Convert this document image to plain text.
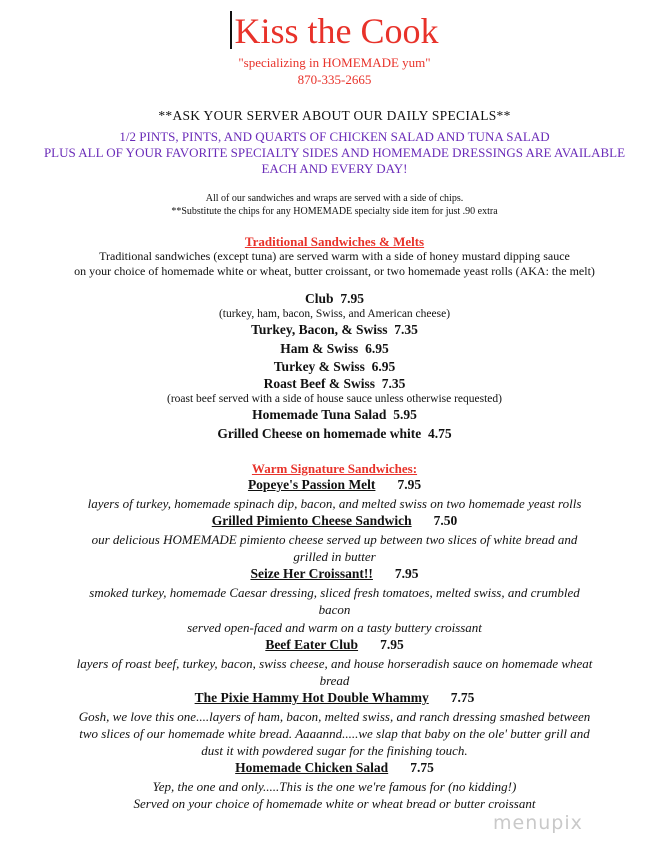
Kiss the Cook
"specializing in HOMEMADE yum"
870-335-2665
**ASK YOUR SERVER ABOUT OUR DAILY SPECIALS**
1/2 PINTS, PINTS, AND QUARTS OF CHICKEN SALAD AND TUNA SALAD
PLUS ALL OF YOUR FAVORITE SPECIALTY SIDES AND HOMEMADE DRESSINGS ARE AVAILABLE
EACH AND EVERY DAY!
All of our sandwiches and wraps are served with a side of chips.
**Substitute the chips for any HOMEMADE specialty side item for just .90 extra
Traditional Sandwiches & Melts
Traditional sandwiches (except tuna) are served warm with a side of honey mustard dipping sauce
on your choice of homemade white or wheat, butter croissant, or two homemade yeast rolls (AKA: the melt)
Club 7.95
(turkey, ham, bacon, Swiss, and American cheese)
Turkey, Bacon, & Swiss 7.35
Ham & Swiss 6.95
Turkey & Swiss 6.95
Roast Beef & Swiss 7.35
(roast beef served with a side of house sauce unless otherwise requested)
Homemade Tuna Salad 5.95
Grilled Cheese on homemade white 4.75
Warm Signature Sandwiches:
Popeye's Passion Melt 7.95
layers of turkey, homemade spinach dip, bacon, and melted swiss on two homemade yeast rolls
Grilled Pimiento Cheese Sandwich 7.50
our delicious HOMEMADE pimiento cheese served up between two slices of white bread and
grilled in butter
Seize Her Croissant!! 7.95
smoked turkey, homemade Caesar dressing, sliced fresh tomatoes, melted swiss, and crumbled
bacon
served open-faced and warm on a tasty buttery croissant
Beef Eater Club 7.95
layers of roast beef, turkey, bacon, swiss cheese, and house horseradish sauce on homemade wheat
bread
The Pixie Hammy Hot Double Whammy 7.75
Gosh, we love this one....layers of ham, bacon, melted swiss, and ranch dressing smashed between
two slices of our homemade white bread. Aaaannd.....we slap that baby on the ole' butter grill and
dust it with powdered sugar for the finishing touch.
Homemade Chicken Salad 7.75
Yep, the one and only.....This is the one we're famous for (no kidding!)
Served on your choice of homemade white or wheat bread or butter croissant
menupix
